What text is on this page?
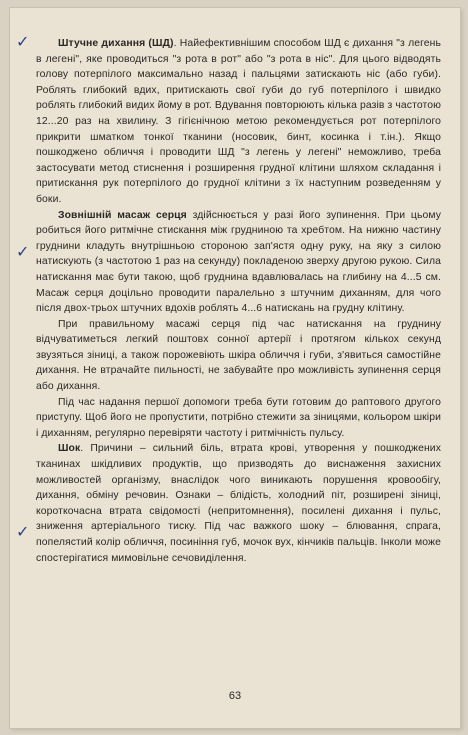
✓
✓
✓

Штучне дихання (ШД). Найефективнішим способом ШД є дихання "з легень в легені", яке проводиться "з рота в рот" або "з рота в ніс". Для цього відводять голову потерпілого максимально назад і пальцями затискають ніс (або губи). Роблять глибокий вдих, притискають свої губи до губ потерпілого і швидко роблять глибокий видих йому в рот. Вдування повторюють кілька разів з частотою 12...20 раз на хвилину. З гігієнічною метою рекомендується рот потерпілого прикрити шматком тонкої тканини (носовик, бинт, косинка і т.ін.). Якщо пошкоджено обличчя і проводити ШД "з легень у легені" неможливо, треба застосувати метод стиснення і розширення грудної клітини шляхом складання і притискання рук потерпілого до грудної клітини з їх наступним розведенням у боки.

Зовнішній масаж серця здійснюється у разі його зупинення. При цьому робиться його ритмічне стискання між грудниною та хребтом. На нижню частину груднини кладуть внутрішньою стороною зап'ястя одну руку, на яку з силою натискують (з частотою 1 раз на секунду) покладеною зверху другою рукою. Сила натискання має бути такою, щоб груднина вдавлювалась на глибину на 4...5 см. Масаж серця доцільно проводити паралельно з штучним диханням, для чого після двох-трьох штучних вдохів роблять 4...6 натискань на грудну клітину.

При правильному масажі серця під час натискання на груднину відчуватиметься легкий поштовх сонної артерії і протягом кількох секунд звузяться зіниці, а також порожевіють шкіра обличчя і губи, з'явиться самостійне дихання. Не втрачайте пильності, не забувайте про можливість зупинення серця або дихання.

Під час надання першої допомоги треба бути готовим до раптового другого приступу. Щоб його не пропустити, потрібно стежити за зіницями, кольором шкіри і диханням, регулярно перевіряти частоту і ритмічність пульсу.

Шок. Причини – сильний біль, втрата крові, утворення у пошкоджених тканинах шкідливих продуктів, що призводять до виснаження захисних можливостей організму, внаслідок чого виникають порушення кровообігу, дихання, обміну речовин. Ознаки – блідість, холодний піт, розширені зіниці, короткочасна втрата свідомості (непритомнення), посилені дихання і пульс, зниження артеріального тиску. Під час важкого шоку – блювання, спрага, попелястий колір обличчя, посиніння губ, мочок вух, кінчиків пальців. Інколи може спостерігатися мимовільне сечовиділення.

63
